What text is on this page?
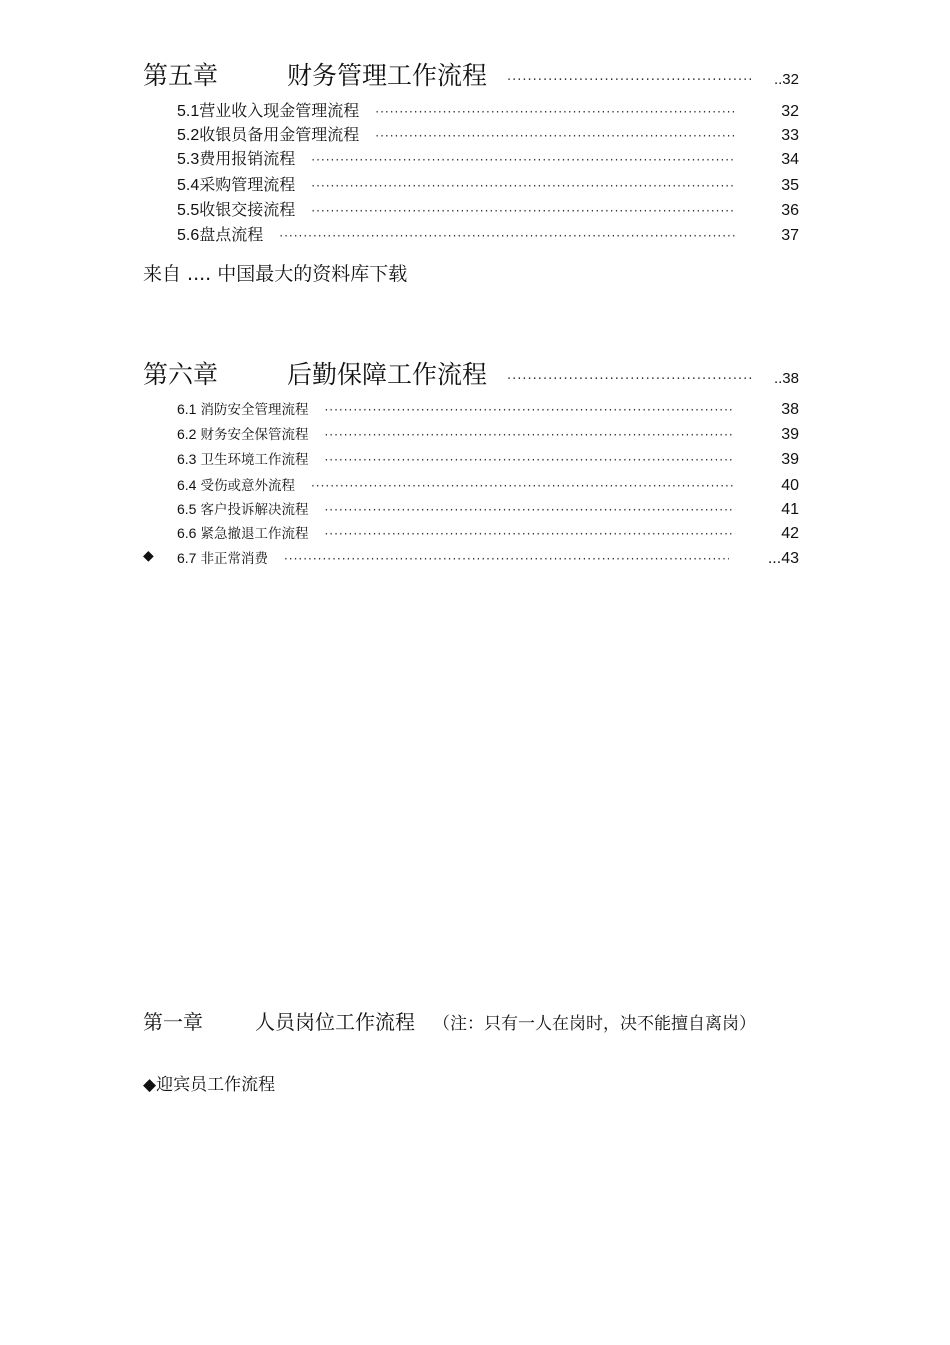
第五章	财务管理工作流程 ·····	..32
5.1 营业收入现金管理流程 ·····	32
5.2 收银员备用金管理流程 ·····	33
5.3 费用报销流程 ·····	34
5.4 采购管理流程 ·····	35
5.5 收银交接流程 ·····	36
5.6 盘点流程 ·····	37
来自 .... 中国最大的资料库下载
第六章	后勤保障工作流程 ·····	..38
6.1 消防安全管理流程 ·····	38
6.2 财务安全保管流程 ·····	39
6.3 卫生环境工作流程 ·····	39
6.4 受伤或意外流程 ·····	40
6.5 客户投诉解决流程 ·····	41
6.6 紧急撤退工作流程 ·····	42
◆ 6.7 非正常消费 ·····	...43
第一章	人员岗位工作流程 （注：只有一人在岗时，决不能擅自离岗）
◆迎宾员工作流程
